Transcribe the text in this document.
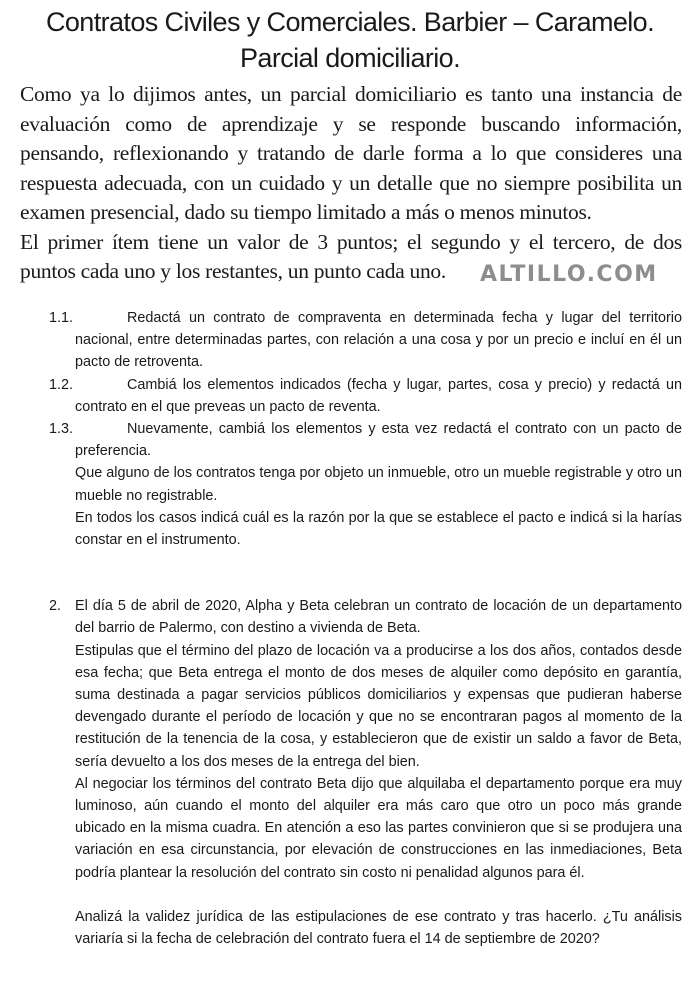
Contratos Civiles y Comerciales. Barbier – Caramelo.
Parcial domiciliario.

Como ya lo dijimos antes, un parcial domiciliario es tanto una instancia de evaluación como de aprendizaje y se responde buscando información, pensando, reflexionando y tratando de darle forma a lo que consideres una respuesta adecuada, con un cuidado y un detalle que no siempre posibilita un examen presencial, dado su tiempo limitado a más o menos minutos.

El primer ítem tiene un valor de 3 puntos; el segundo y el tercero, de dos puntos cada uno y los restantes, un punto cada uno.	ALTILLO.COM
1.1.	Redactá un contrato de compraventa en determinada fecha y lugar del territorio nacional, entre determinadas partes, con relación a una cosa y por un precio e incluí en él un pacto de retroventa.

1.2.	Cambiá los elementos indicados (fecha y lugar, partes, cosa y precio) y redactá un contrato en el que preveas un pacto de reventa.

1.3.	Nuevamente, cambiá los elementos y esta vez redactá el contrato con un pacto de preferencia.

Que alguno de los contratos tenga por objeto un inmueble, otro un mueble registrable y otro un mueble no registrable.

En todos los casos indicá cuál es la razón por la que se establece el pacto e indicá si la harías constar en el instrumento.

2. El día 5 de abril de 2020, Alpha y Beta celebran un contrato de locación de un departamento del barrio de Palermo, con destino a vivienda de Beta.

Estipulas que el término del plazo de locación va a producirse a los dos años, contados desde esa fecha; que Beta entrega el monto de dos meses de alquiler como depósito en garantía, suma destinada a pagar servicios públicos domiciliarios y expensas que pudieran haberse devengado durante el período de locación y que no se encontraran pagos al momento de la restitución de la tenencia de la cosa, y establecieron que de existir un saldo a favor de Beta, sería devuelto a los dos meses de la entrega del bien.

Al negociar los términos del contrato Beta dijo que alquilaba el departamento porque era muy luminoso, aún cuando el monto del alquiler era más caro que otro un poco más grande ubicado en la misma cuadra. En atención a eso las partes convinieron que si se produjera una variación en esa circunstancia, por elevación de construcciones en las inmediaciones, Beta podría plantear la resolución del contrato sin costo ni penalidad algunos para él.

Analizá la validez jurídica de las estipulaciones de ese contrato y tras hacerlo. ¿Tu análisis variaría si la fecha de celebración del contrato fuera el 14 de septiembre de 2020?
